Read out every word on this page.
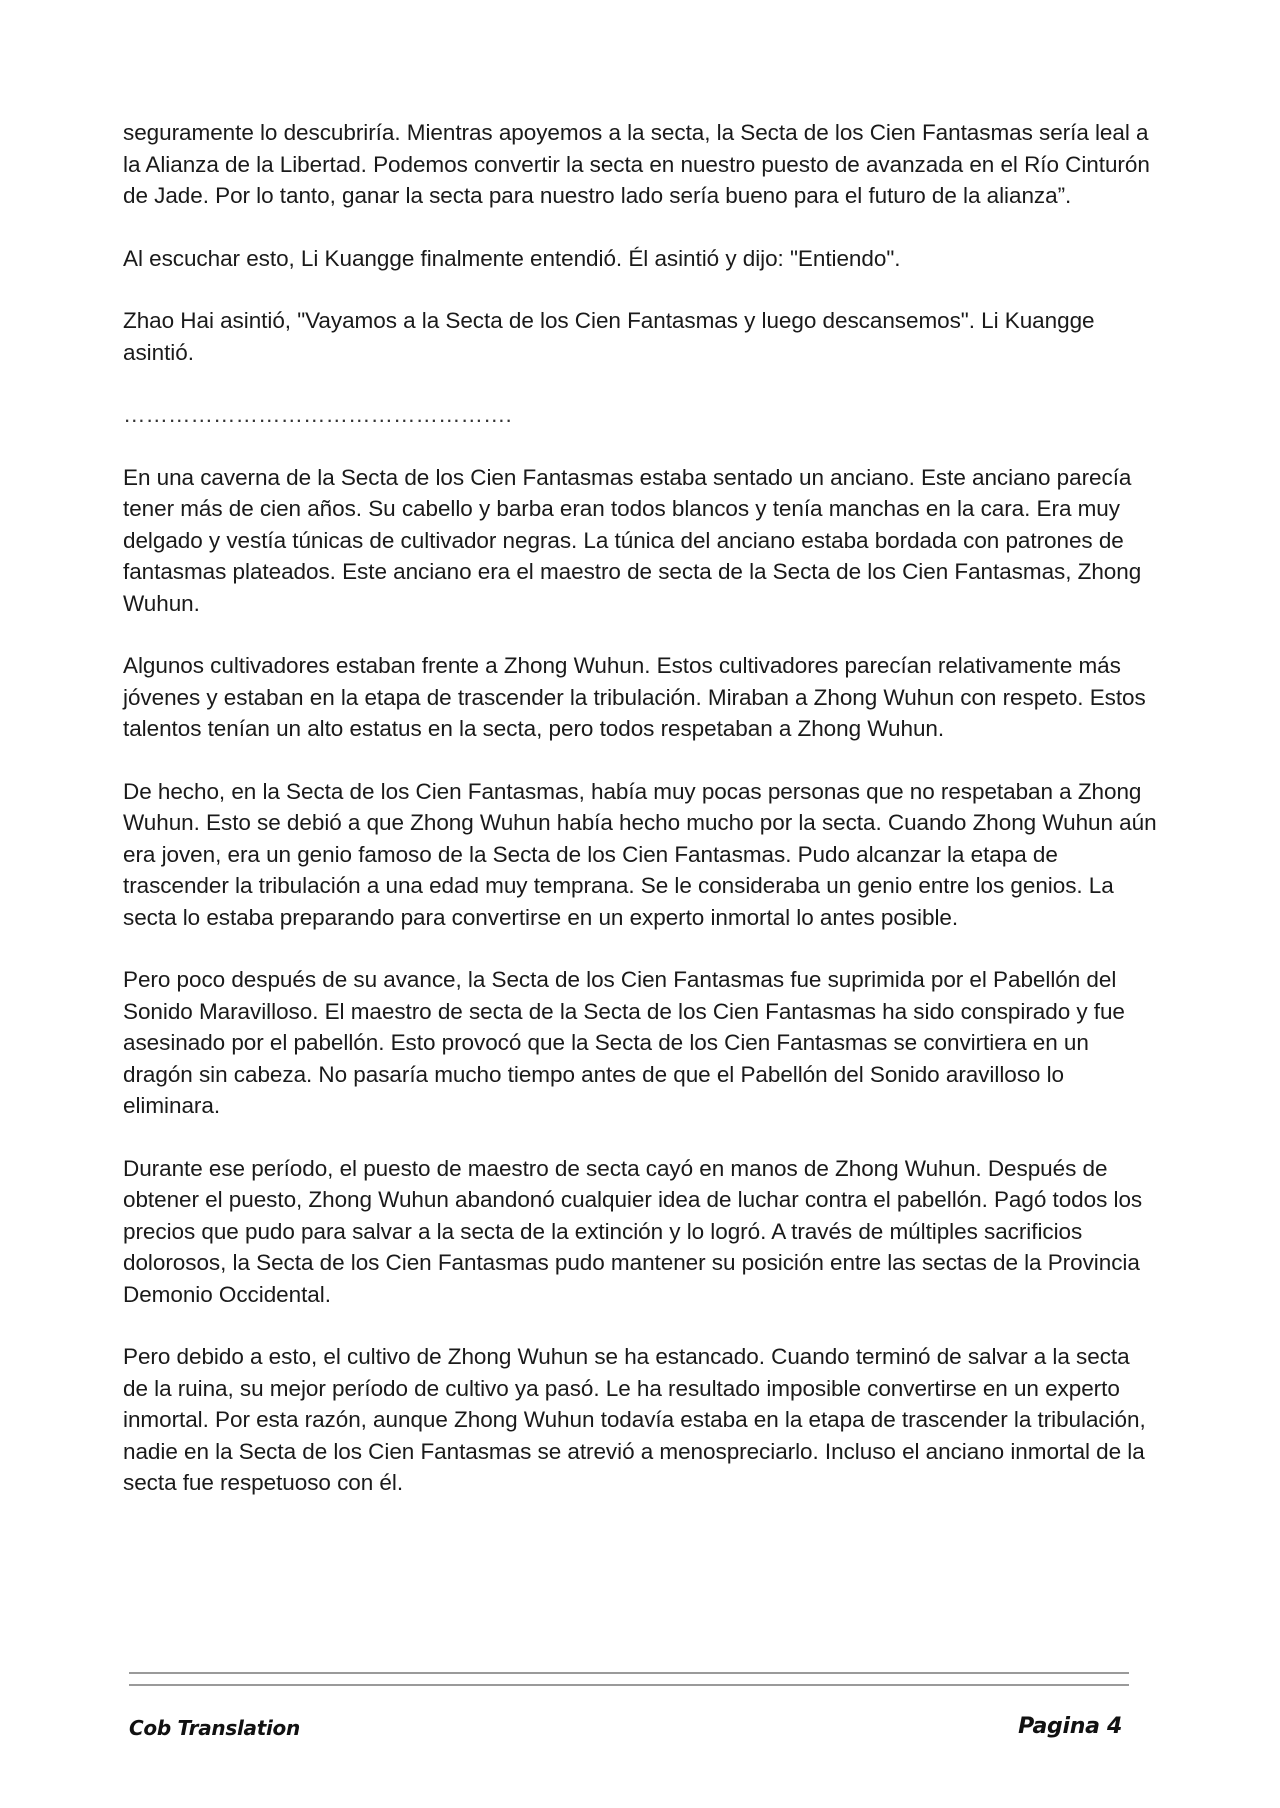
seguramente lo descubriría. Mientras apoyemos a la secta, la Secta de los Cien Fantasmas sería leal a la Alianza de la Libertad. Podemos convertir la secta en nuestro puesto de avanzada en el Río Cinturón de Jade. Por lo tanto, ganar la secta para nuestro lado sería bueno para el futuro de la alianza”.

Al escuchar esto, Li Kuangge finalmente entendió. Él asintió y dijo: "Entiendo".

Zhao Hai asintió, "Vayamos a la Secta de los Cien Fantasmas y luego descansemos". Li Kuangge asintió.

…………………………………………….

En una caverna de la Secta de los Cien Fantasmas estaba sentado un anciano. Este anciano parecía tener más de cien años. Su cabello y barba eran todos blancos y tenía manchas en la cara. Era muy delgado y vestía túnicas de cultivador negras. La túnica del anciano estaba bordada con patrones de fantasmas plateados. Este anciano era el maestro de secta de la Secta de los Cien Fantasmas, Zhong Wuhun.

Algunos cultivadores estaban frente a Zhong Wuhun. Estos cultivadores parecían relativamente más jóvenes y estaban en la etapa de trascender la tribulación. Miraban a Zhong Wuhun con respeto. Estos talentos tenían un alto estatus en la secta, pero todos respetaban a Zhong Wuhun.

De hecho, en la Secta de los Cien Fantasmas, había muy pocas personas que no respetaban a Zhong Wuhun. Esto se debió a que Zhong Wuhun había hecho mucho por la secta. Cuando Zhong Wuhun aún era joven, era un genio famoso de la Secta de los Cien Fantasmas. Pudo alcanzar la etapa de trascender la tribulación a una edad muy temprana. Se le consideraba un genio entre los genios. La secta lo estaba preparando para convertirse en un experto inmortal lo antes posible.

Pero poco después de su avance, la Secta de los Cien Fantasmas fue suprimida por el Pabellón del Sonido Maravilloso. El maestro de secta de la Secta de los Cien Fantasmas ha sido conspirado y fue asesinado por el pabellón. Esto provocó que la Secta de los Cien Fantasmas se convirtiera en un dragón sin cabeza. No pasaría mucho tiempo antes de que el Pabellón del Sonido aravilloso lo eliminara.

Durante ese período, el puesto de maestro de secta cayó en manos de Zhong Wuhun. Después de obtener el puesto, Zhong Wuhun abandonó cualquier idea de luchar contra el pabellón. Pagó todos los precios que pudo para salvar a la secta de la extinción y lo logró. A través de múltiples sacrificios dolorosos, la Secta de los Cien Fantasmas pudo mantener su posición entre las sectas de la Provincia Demonio Occidental.

Pero debido a esto, el cultivo de Zhong Wuhun se ha estancado. Cuando terminó de salvar a la secta de la ruina, su mejor período de cultivo ya pasó. Le ha resultado imposible convertirse en un experto inmortal. Por esta razón, aunque Zhong Wuhun todavía estaba en la etapa de trascender la tribulación, nadie en la Secta de los Cien Fantasmas se atrevió a menospreciarlo. Incluso el anciano inmortal de la secta fue respetuoso con él.

Cob Translation	Pagina 4
